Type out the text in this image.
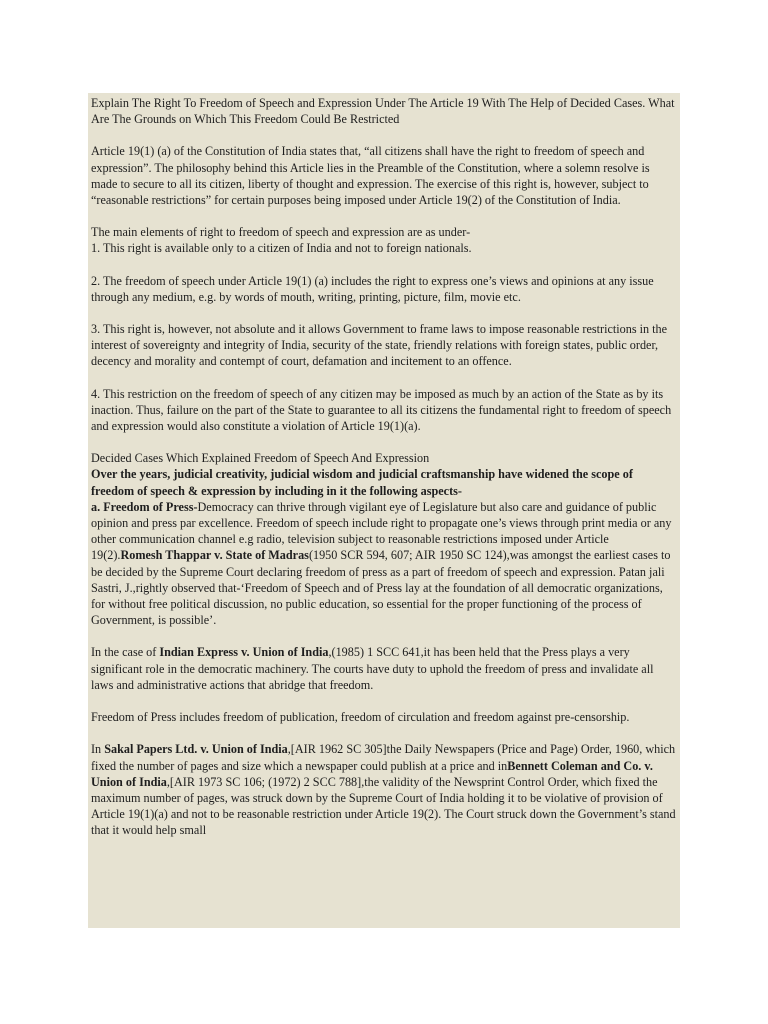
Explain The Right To Freedom of Speech and Expression Under The Article 19 With The Help of Decided Cases. What Are The Grounds on Which This Freedom Could Be Restricted

Article 19(1) (a) of the Constitution of India states that, “all citizens shall have the right to freedom of speech and expression”. The philosophy behind this Article lies in the Preamble of the Constitution, where a solemn resolve is made to secure to all its citizen, liberty of thought and expression. The exercise of this right is, however, subject to “reasonable restrictions” for certain purposes being imposed under Article 19(2) of the Constitution of India.

The main elements of right to freedom of speech and expression are as under-

1. This right is available only to a citizen of India and not to foreign nationals.

2. The freedom of speech under Article 19(1) (a) includes the right to express one’s views and opinions at any issue through any medium, e.g. by words of mouth, writing, printing, picture, film, movie etc.

3. This right is, however, not absolute and it allows Government to frame laws to impose reasonable restrictions in the interest of sovereignty and integrity of India, security of the state, friendly relations with foreign states, public order, decency and morality and contempt of court, defamation and incitement to an offence.

4. This restriction on the freedom of speech of any citizen may be imposed as much by an action of the State as by its inaction. Thus, failure on the part of the State to guarantee to all its citizens the fundamental right to freedom of speech and expression would also constitute a violation of Article 19(1)(a).

Decided Cases Which Explained Freedom of Speech And Expression

Over the years, judicial creativity, judicial wisdom and judicial craftsmanship have widened the scope of freedom of speech & expression by including in it the following aspects-

a. Freedom of Press-Democracy can thrive through vigilant eye of Legislature but also care and guidance of public opinion and press par excellence. Freedom of speech include right to propagate one’s views through print media or any other communication channel e.g radio, television subject to reasonable restrictions imposed under Article 19(2).Romesh Thappar v. State of Madras(1950 SCR 594, 607; AIR 1950 SC 124),was amongst the earliest cases to be decided by the Supreme Court declaring freedom of press as a part of freedom of speech and expression. Patan jali Sastri, J.,rightly observed that-‘Freedom of Speech and of Press lay at the foundation of all democratic organizations, for without free political discussion, no public education, so essential for the proper functioning of the process of Government, is possible’.

In the case of Indian Express v. Union of India,(1985) 1 SCC 641,it has been held that the Press plays a very significant role in the democratic machinery. The courts have duty to uphold the freedom of press and invalidate all laws and administrative actions that abridge that freedom.

Freedom of Press includes freedom of publication, freedom of circulation and freedom against pre-censorship.

In Sakal Papers Ltd. v. Union of India,[AIR 1962 SC 305]the Daily Newspapers (Price and Page) Order, 1960, which fixed the number of pages and size which a newspaper could publish at a price and inBennett Coleman and Co. v. Union of India,[AIR 1973 SC 106; (1972) 2 SCC 788],the validity of the Newsprint Control Order, which fixed the maximum number of pages, was struck down by the Supreme Court of India holding it to be violative of provision of Article 19(1)(a) and not to be reasonable restriction under Article 19(2). The Court struck down the Government’s stand that it would help small
